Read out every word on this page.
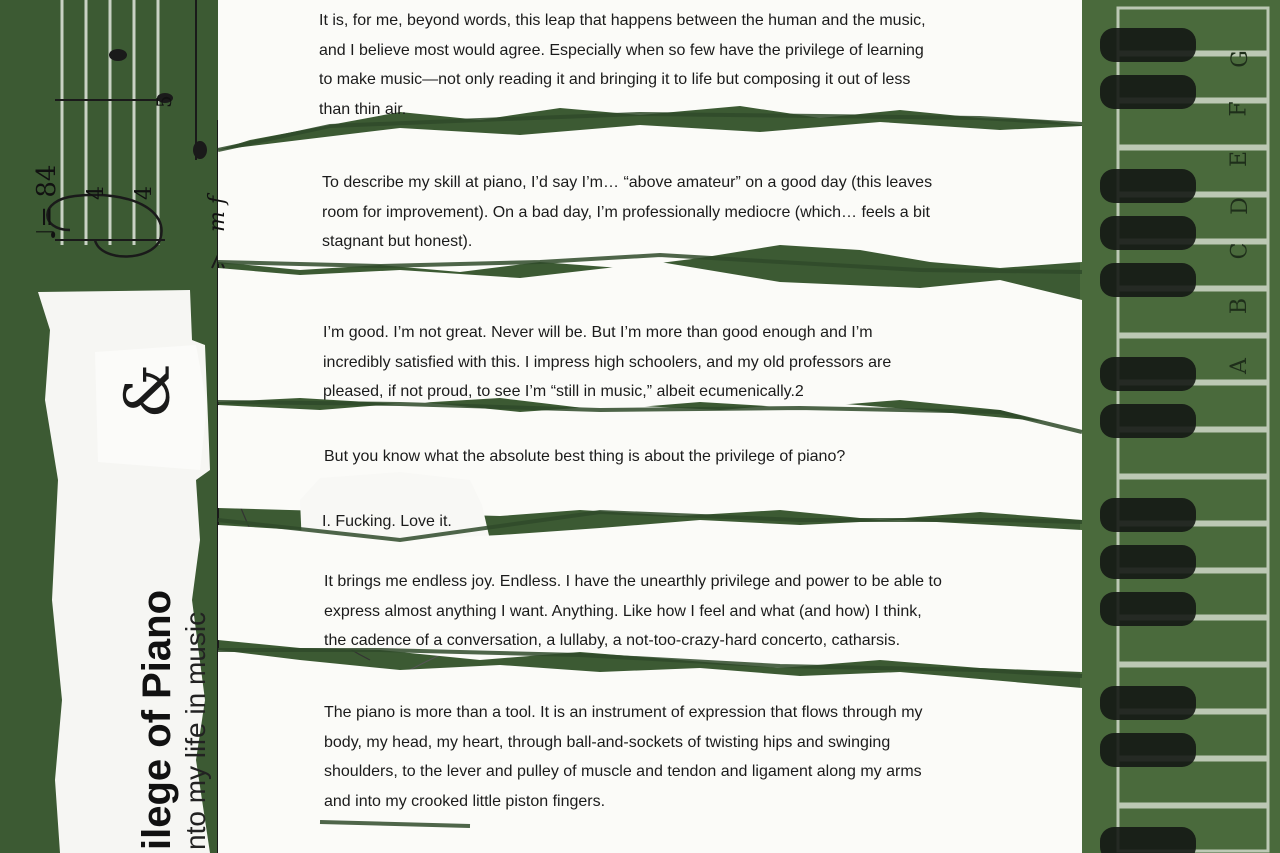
It is, for me, beyond words, this leap that happens between the human and the music,
and I believe most would agree. Especially when so few have the privilege of learning
to make music—not only reading it and bringing it to life but composing it out of less
than thin air.

To describe my skill at piano, I’d say I’m… “above amateur” on a good day (this leaves
room for improvement). On a bad day, I’m professionally mediocre (which… feels a bit
stagnant but honest).

I’m good. I’m not great. Never will be. But I’m more than good enough and I’m
incredibly satisfied with this. I impress high schoolers, and my old professors are
pleased, if not proud, to see I’m “still in music,” albeit ecumenically.2

But you know what the absolute best thing is about the privilege of piano?

I. Fucking. Love it.

It brings me endless joy. Endless. I have the unearthly privilege and power to be able to
express almost anything I want. Anything. Like how I feel and what (and how) I think,
the cadence of a conversation, a lullaby, a not-too-crazy-hard concerto, catharsis.

The piano is more than a tool. It is an instrument of expression that flows through my
body, my head, my heart, through ball-and-sockets of twisting hips and swinging
shoulders, to the lever and pulley of muscle and tendon and ligament along my arms
and into my crooked little piston fingers.

ilege of Piano nto my life in music

&

♩= 84	m f

4 4

5

A

B

C

D

E

F

G
